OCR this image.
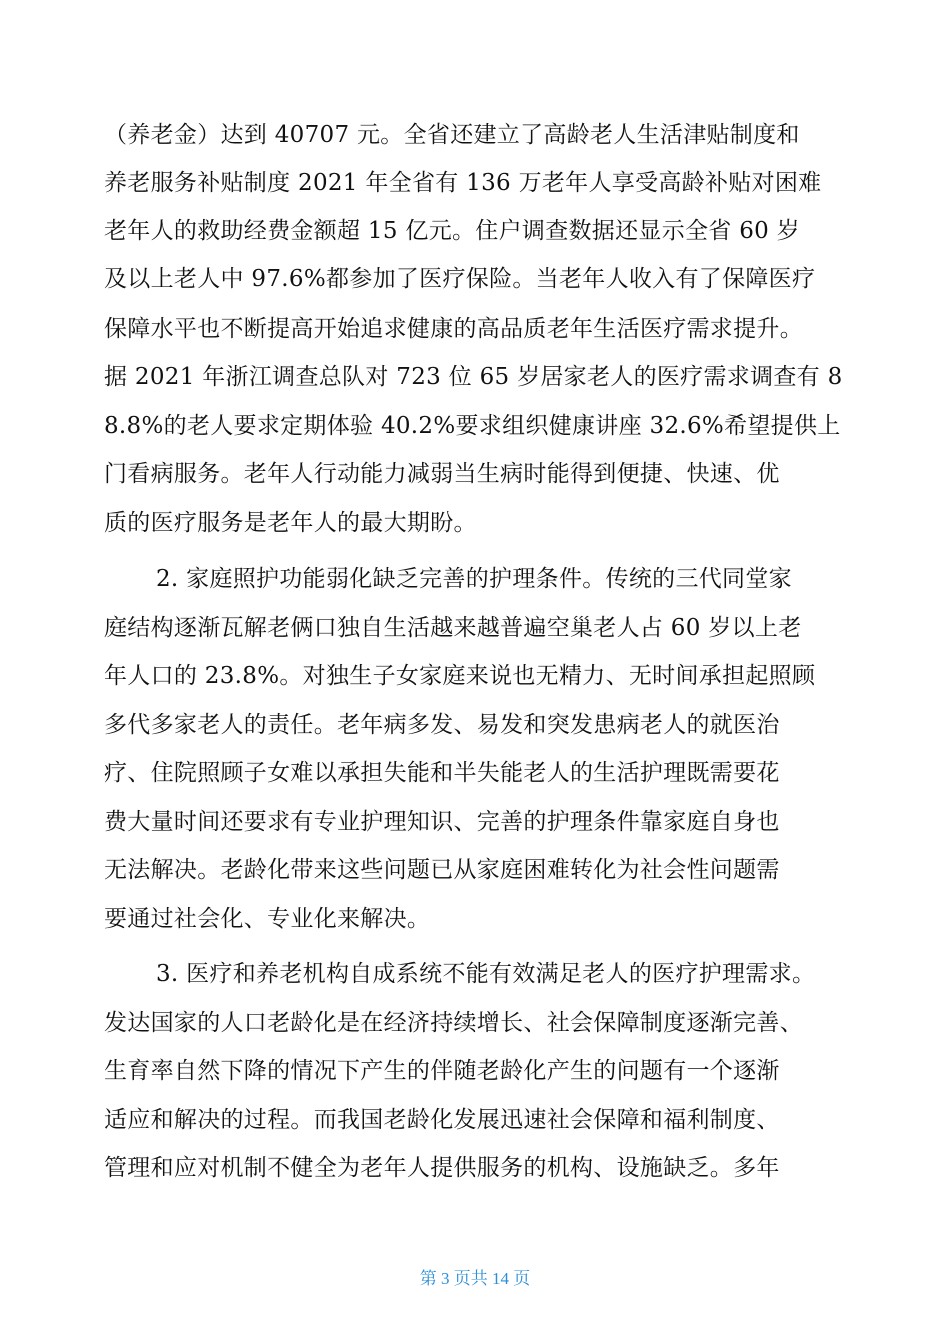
（养老金）达到 40707 元。全省还建立了高龄老人生活津贴制度和
养老服务补贴制度 2021 年全省有 136 万老年人享受高龄补贴对困难
老年人的救助经费金额超 15 亿元。住户调查数据还显示全省 60 岁
及以上老人中 97.6%都参加了医疗保险。当老年人收入有了保障医疗
保障水平也不断提高开始追求健康的高品质老年生活医疗需求提升。
据 2021 年浙江调查总队对 723 位 65 岁居家老人的医疗需求调查有 8
8.8%的老人要求定期体验 40.2%要求组织健康讲座 32.6%希望提供上
门看病服务。老年人行动能力减弱当生病时能得到便捷、快速、优
质的医疗服务是老年人的最大期盼。
2. 家庭照护功能弱化缺乏完善的护理条件。传统的三代同堂家
庭结构逐渐瓦解老俩口独自生活越来越普遍空巢老人占 60 岁以上老
年人口的 23.8%。对独生子女家庭来说也无精力、无时间承担起照顾
多代多家老人的责任。老年病多发、易发和突发患病老人的就医治
疗、住院照顾子女难以承担失能和半失能老人的生活护理既需要花
费大量时间还要求有专业护理知识、完善的护理条件靠家庭自身也
无法解决。老龄化带来这些问题已从家庭困难转化为社会性问题需
要通过社会化、专业化来解决。
3. 医疗和养老机构自成系统不能有效满足老人的医疗护理需求。
发达国家的人口老龄化是在经济持续增长、社会保障制度逐渐完善、
生育率自然下降的情况下产生的伴随老龄化产生的问题有一个逐渐
适应和解决的过程。而我国老龄化发展迅速社会保障和福利制度、
管理和应对机制不健全为老年人提供服务的机构、设施缺乏。多年
第 3 页共 14 页
